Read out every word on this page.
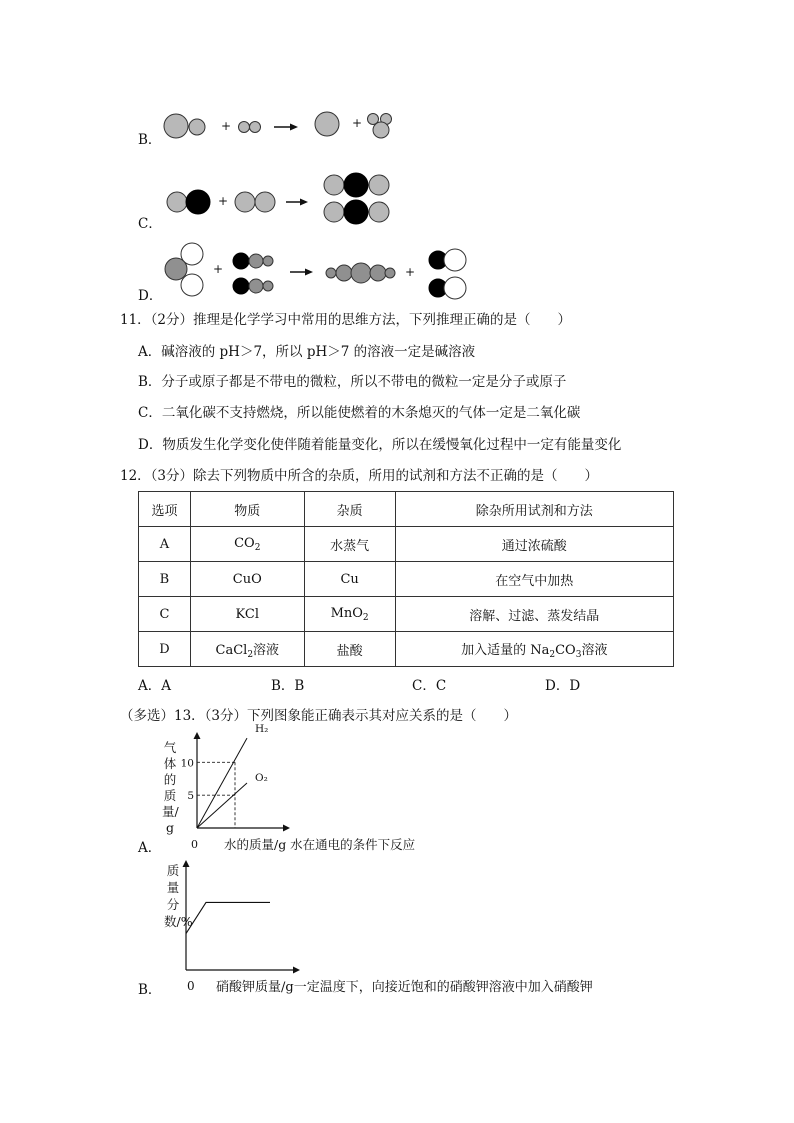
B．
+	+
C．
+
D．
+	+
11．（2分）推理是化学学习中常用的思维方法，下列推理正确的是（　　）
A．碱溶液的 pH＞7，所以 pH＞7 的溶液一定是碱溶液
B．分子或原子都是不带电的微粒，所以不带电的微粒一定是分子或原子
C．二氧化碳不支持燃烧，所以能使燃着的木条熄灭的气体一定是二氧化碳
D．物质发生化学变化使伴随着能量变化，所以在缓慢氧化过程中一定有能量变化
12．（3分）除去下列物质中所含的杂质，所用的试剂和方法不正确的是（　　）
选项	物质	杂质	除杂所用试剂和方法
A	$CO_2$	水蒸气	通过浓硫酸
B	CuO	Cu	在空气中加热
C	KCl	MnO$_2$	溶解、过滤、蒸发结晶
D	CaCl$_2$溶液	盐酸	加入适量的 $Na_2CO_3$溶液
A．A	B．B	C．C	D．D
（多选）13．（3分）下列图象能正确表示其对应关系的是（　　）
A．
气体的质量/g
10
5
H₂
O₂
0 水的质量/g 水在通电的条件下反应
B．
质量分数/%
0 硝酸钾质量/g一定温度下，向接近饱和的硝酸钾溶液中加入硝酸钾
